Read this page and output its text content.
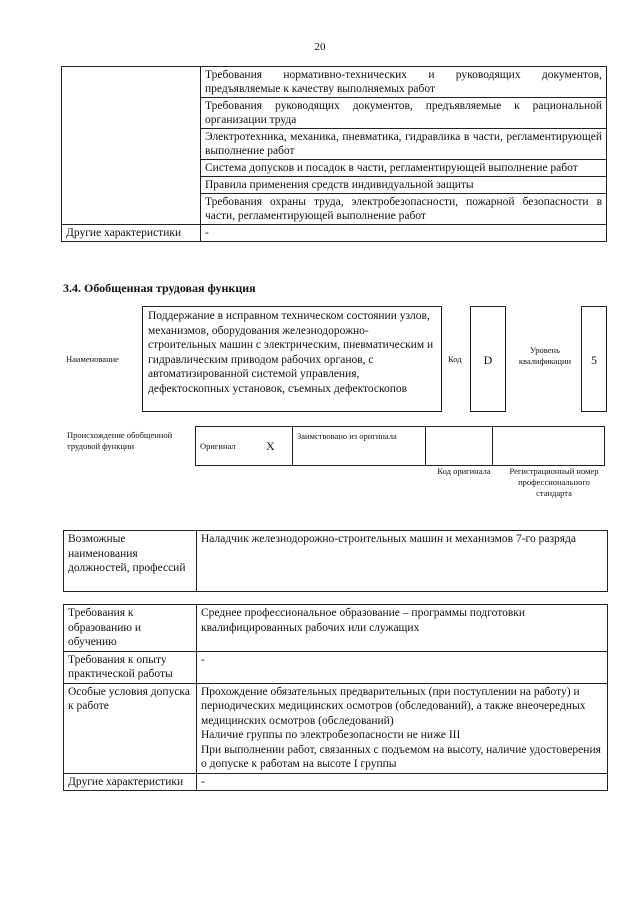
20
	Требования нормативно-технических и руководящих документов, предъявляемые к качеству выполняемых работ
	Требования руководящих документов, предъявляемые к рациональной организации труда
	Электротехника, механика, пневматика, гидравлика в части, регламентирующей выполнение работ
	Система допусков и посадок в части, регламентирующей выполнение работ
	Правила применения средств индивидуальной защиты
	Требования охраны труда, электробезопасности, пожарной безопасности в части, регламентирующей выполнение работ
Другие характеристики	-
3.4. Обобщенная трудовая функция
Наименование
Поддержание в исправном техническом состоянии узлов, механизмов, оборудования железнодорожно-строительных машин с электрическим, пневматическим и гидравлическим приводом рабочих органов, с автоматизированной системой управления, дефектоскопных установок, съемных дефектоскопов
Код	D
Уровень квалификации	5
Происхождение обобщенной трудовой функции	Оригинал	X	Заимствовано из оригинала		
Код оригинала	Регистрационный номер профессионального стандарта
Возможные наименования должностей, профессий	Наладчик железнодорожно-строительных машин и механизмов 7-го разряда
Требования к образованию и обучению	Среднее профессиональное образование – программы подготовки квалифицированных рабочих или служащих
Требования к опыту практической работы	-
Особые условия допуска к работе	Прохождение обязательных предварительных (при поступлении на работу) и периодических медицинских осмотров (обследований), а также внеочередных медицинских осмотров (обследований)
Наличие группы по электробезопасности не ниже III
При выполнении работ, связанных с подъемом на высоту, наличие удостоверения о допуске к работам на высоте I группы

Другие характеристики	-
